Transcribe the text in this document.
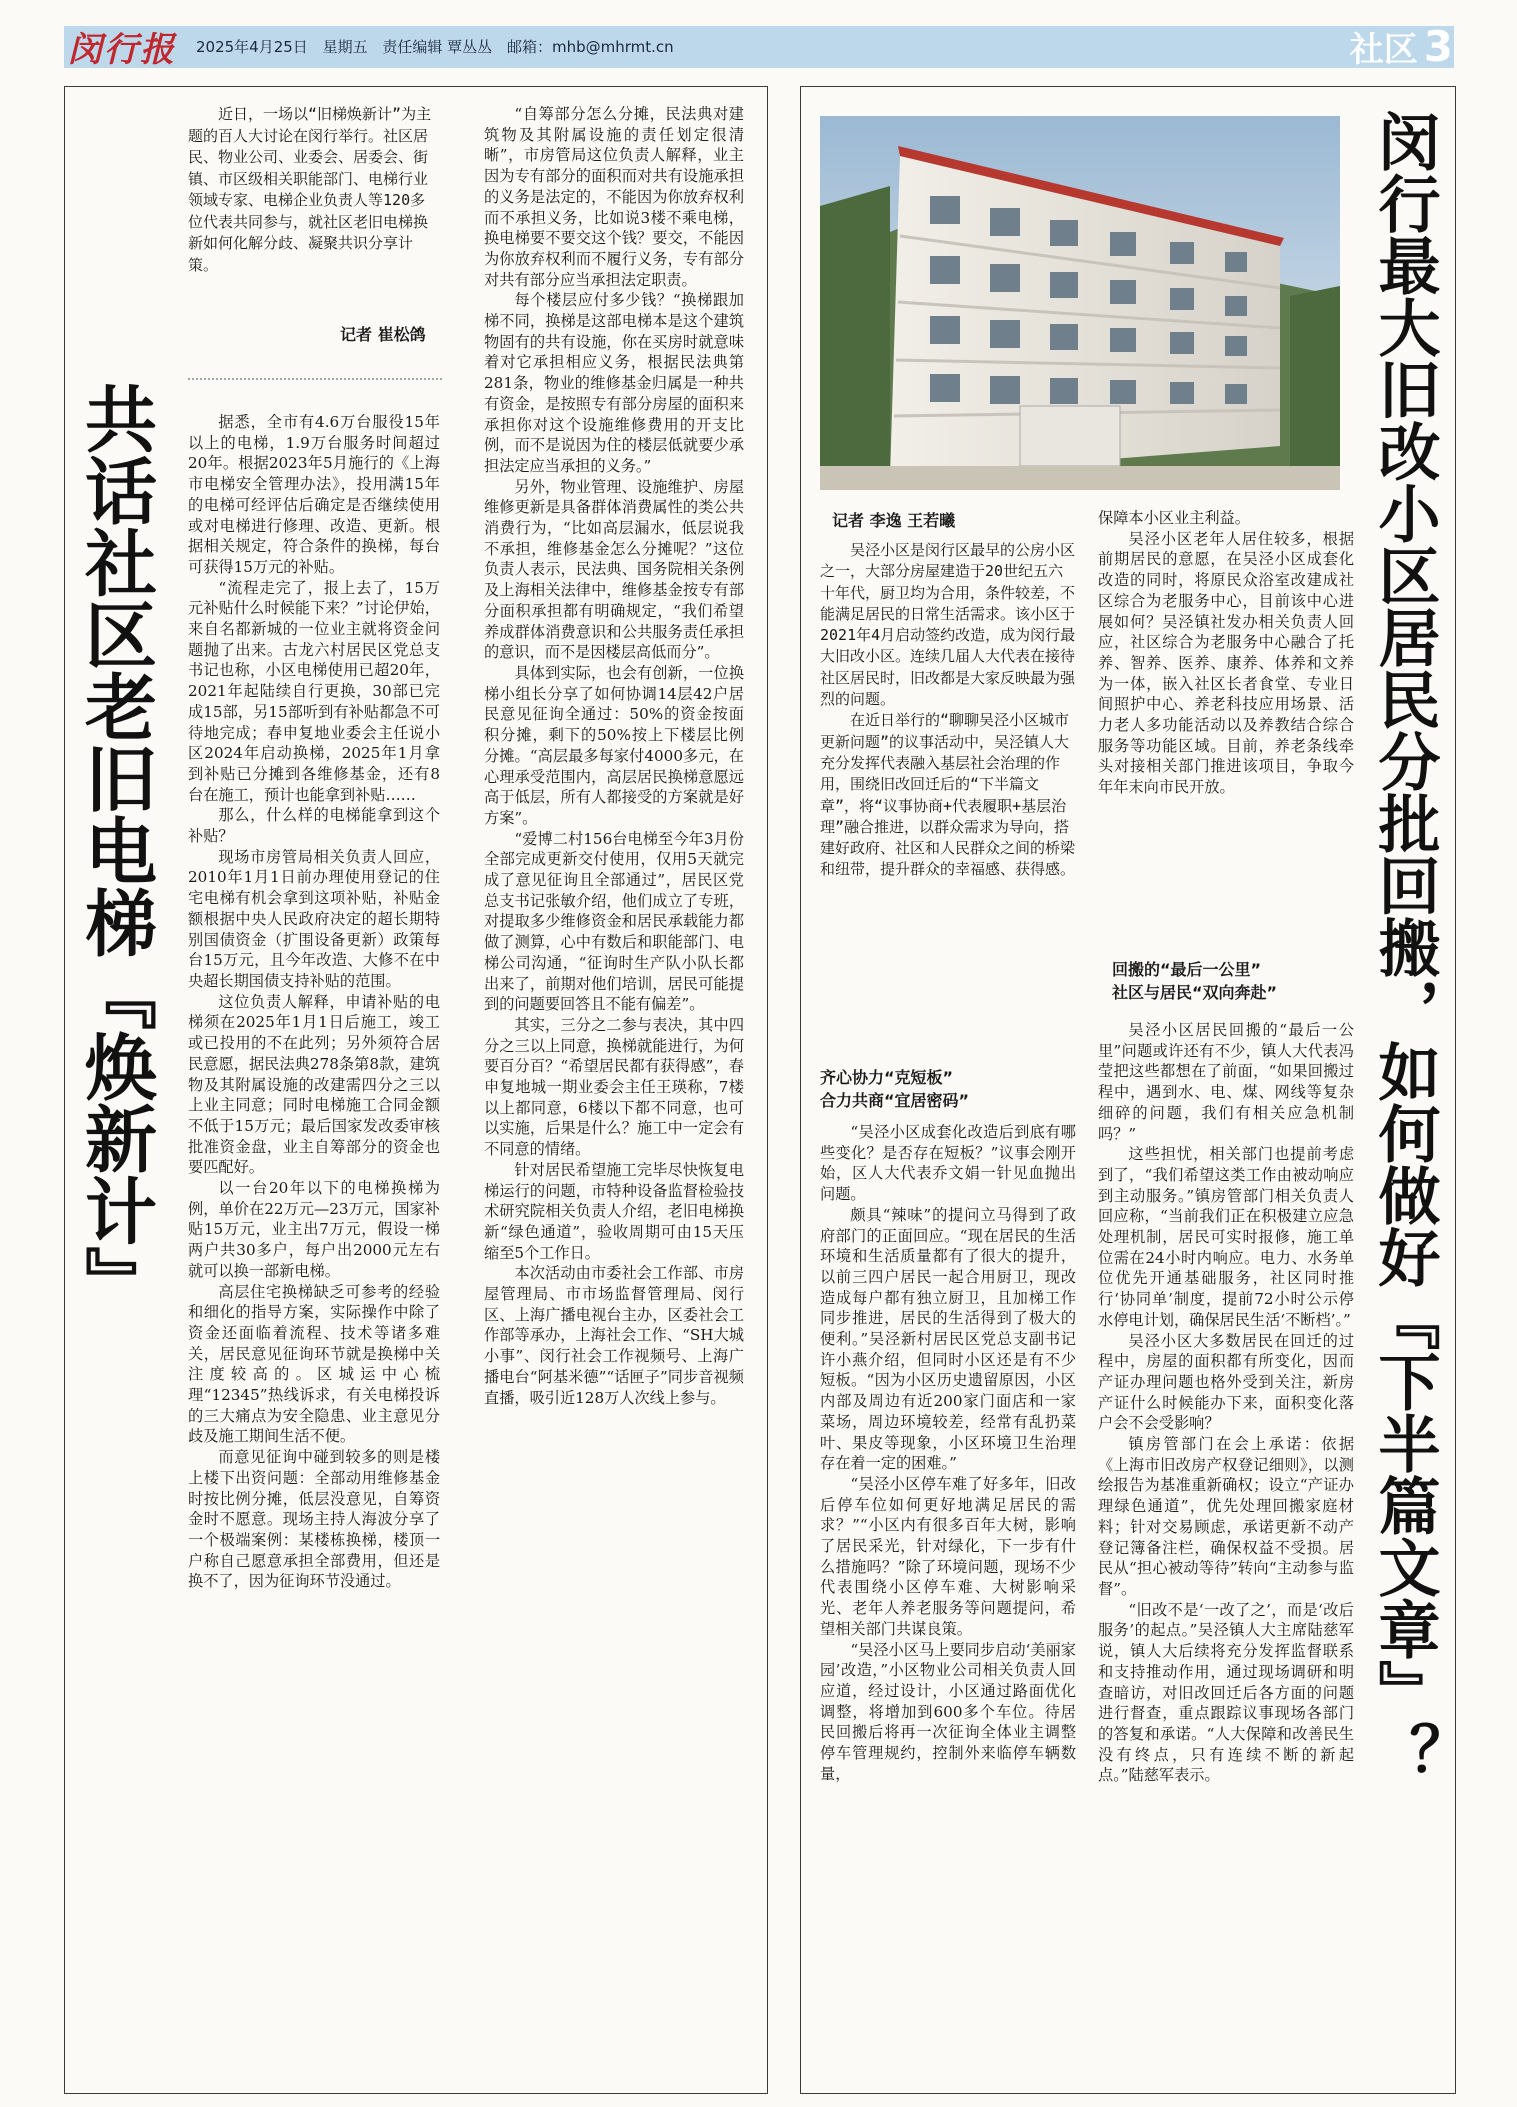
闵行报 2025年4月25日 星期五 责任编辑 覃丛丛 邮箱：mhb@mhrmt.cn	社区 3
共话社区老旧电梯『焕新计』

近日，一场以“旧梯焕新计”为主题的百人大讨论在闵行举行。社区居民、物业公司、业委会、居委会、街镇、市区级相关职能部门、电梯行业领域专家、电梯企业负责人等120多位代表共同参与，就社区老旧电梯换新如何化解分歧、凝聚共识分享计策。

记者 崔松鸽

据悉，全市有4.6万台服役15年以上的电梯，1.9万台服务时间超过20年。根据2023年5月施行的《上海市电梯安全管理办法》，投用满15年的电梯可经评估后确定是否继续使用或对电梯进行修理、改造、更新。根据相关规定，符合条件的换梯，每台可获得15万元的补贴。

“流程走完了，报上去了，15万元补贴什么时候能下来？”讨论伊始，来自名都新城的一位业主就将资金问题抛了出来。古龙六村居民区党总支书记也称，小区电梯使用已超20年，2021年起陆续自行更换，30部已完成15部，另15部听到有补贴都急不可待地完成；春申复地业委会主任说小区2024年启动换梯，2025年1月拿到补贴已分摊到各维修基金，还有8台在施工，预计也能拿到补贴……

那么，什么样的电梯能拿到这个补贴？

现场市房管局相关负责人回应，2010年1月1日前办理使用登记的住宅电梯有机会拿到这项补贴，补贴金额根据中央人民政府决定的超长期特别国债资金（扩围设备更新）政策每台15万元，且今年改造、大修不在中央超长期国债支持补贴的范围。

这位负责人解释，申请补贴的电梯须在2025年1月1日后施工，竣工或已投用的不在此列；另外须符合居民意愿，据民法典278条第8款，建筑物及其附属设施的改建需四分之三以上业主同意；同时电梯施工合同金额不低于15万元；最后国家发改委审核批准资金盘，业主自筹部分的资金也要匹配好。

以一台20年以下的电梯换梯为例，单价在22万元—23万元，国家补贴15万元，业主出7万元，假设一梯两户共30多户，每户出2000元左右就可以换一部新电梯。

高层住宅换梯缺乏可参考的经验和细化的指导方案，实际操作中除了资金还面临着流程、技术等诸多难关，居民意见征询环节就是换梯中关注度较高的。区城运中心梳理“12345”热线诉求，有关电梯投诉的三大痛点为安全隐患、业主意见分歧及施工期间生活不便。

而意见征询中碰到较多的则是楼上楼下出资问题：全部动用维修基金时按比例分摊，低层没意见，自筹资金时不愿意。现场主持人海波分享了一个极端案例：某楼栋换梯，楼顶一户称自己愿意承担全部费用，但还是换不了，因为征询环节没通过。

“自筹部分怎么分摊，民法典对建筑物及其附属设施的责任划定很清晰”，市房管局这位负责人解释，业主因为专有部分的面积而对共有设施承担的义务是法定的，不能因为你放弃权利而不承担义务，比如说3楼不乘电梯，换电梯要不要交这个钱？要交，不能因为你放弃权利而不履行义务，专有部分对共有部分应当承担法定职责。

每个楼层应付多少钱？“换梯跟加梯不同，换梯是这部电梯本是这个建筑物固有的共有设施，你在买房时就意味着对它承担相应义务，根据民法典第281条，物业的维修基金归属是一种共有资金，是按照专有部分房屋的面积来承担你对这个设施维修费用的开支比例，而不是说因为住的楼层低就要少承担法定应当承担的义务。”

另外，物业管理、设施维护、房屋维修更新是具备群体消费属性的类公共消费行为，“比如高层漏水，低层说我不承担，维修基金怎么分摊呢？”这位负责人表示，民法典、国务院相关条例及上海相关法律中，维修基金按专有部分面积承担都有明确规定，“我们希望养成群体消费意识和公共服务责任承担的意识，而不是因楼层高低而分”。

具体到实际，也会有创新，一位换梯小组长分享了如何协调14层42户居民意见征询全通过：50%的资金按面积分摊，剩下的50%按上下楼层比例分摊。“高层最多每家付4000多元，在心理承受范围内，高层居民换梯意愿远高于低层，所有人都接受的方案就是好方案”。

“爱博二村156台电梯至今年3月份全部完成更新交付使用，仅用5天就完成了意见征询且全部通过”，居民区党总支书记张敏介绍，他们成立了专班，对提取多少维修资金和居民承载能力都做了测算，心中有数后和职能部门、电梯公司沟通，“征询时生产队小队长都出来了，前期对他们培训，居民可能提到的问题要回答且不能有偏差”。

其实，三分之二参与表决，其中四分之三以上同意，换梯就能进行，为何要百分百？“希望居民都有获得感”，春申复地城一期业委会主任王瑛称，7楼以上都同意，6楼以下都不同意，也可以实施，后果是什么？施工中一定会有不同意的情绪。

针对居民希望施工完毕尽快恢复电梯运行的问题，市特种设备监督检验技术研究院相关负责人介绍，老旧电梯换新“绿色通道”，验收周期可由15天压缩至5个工作日。

本次活动由市委社会工作部、市房屋管理局、市市场监督管理局、闵行区、上海广播电视台主办，区委社会工作部等承办，上海社会工作、“SH大城小事”、闵行社会工作视频号、上海广播电台“阿基米德”“话匣子”同步音视频直播，吸引近128万人次线上参与。	闵行最大旧改小区居民分批回搬，如何做好『下半篇文章』？
记者 李逸 王若曦

吴泾小区是闵行区最早的公房小区之一，大部分房屋建造于20世纪五六十年代，厨卫均为合用，条件较差，不能满足居民的日常生活需求。该小区于2021年4月启动签约改造，成为闵行最大旧改小区。连续几届人大代表在接待社区居民时，旧改都是大家反映最为强烈的问题。

在近日举行的“聊聊吴泾小区城市更新问题”的议事活动中，吴泾镇人大充分发挥代表融入基层社会治理的作用，围绕旧改回迁后的“下半篇文章”，将“议事协商+代表履职+基层治理”融合推进，以群众需求为导向，搭建好政府、社区和人民群众之间的桥梁和纽带，提升群众的幸福感、获得感。

齐心协力“克短板”
合力共商“宜居密码”

“吴泾小区成套化改造后到底有哪些变化？是否存在短板？”议事会刚开始，区人大代表乔文娟一针见血抛出问题。

颇具“辣味”的提问立马得到了政府部门的正面回应。“现在居民的生活环境和生活质量都有了很大的提升，以前三四户居民一起合用厨卫，现改造成每户都有独立厨卫，且加梯工作同步推进，居民的生活得到了极大的便利。”吴泾新村居民区党总支副书记许小燕介绍，但同时小区还是有不少短板。“因为小区历史遗留原因，小区内部及周边有近200家门面店和一家菜场，周边环境较差，经常有乱扔菜叶、果皮等现象，小区环境卫生治理存在着一定的困难。”

“吴泾小区停车难了好多年，旧改后停车位如何更好地满足居民的需求？”“小区内有很多百年大树，影响了居民采光，针对绿化，下一步有什么措施吗？”除了环境问题，现场不少代表围绕小区停车难、大树影响采光、老年人养老服务等问题提问，希望相关部门共谋良策。

“吴泾小区马上要同步启动‘美丽家园’改造，”小区物业公司相关负责人回应道，经过设计，小区通过路面优化调整，将增加到600多个车位。待居民回搬后将再一次征询全体业主调整停车管理规约，控制外来临停车辆数量，

保障本小区业主利益。

吴泾小区老年人居住较多，根据前期居民的意愿，在吴泾小区成套化改造的同时，将原民众浴室改建成社区综合为老服务中心，目前该中心进展如何？吴泾镇社发办相关负责人回应，社区综合为老服务中心融合了托养、智养、医养、康养、体养和文养为一体，嵌入社区长者食堂、专业日间照护中心、养老科技应用场景、活力老人多功能活动以及养教结合综合服务等功能区域。目前，养老条线牵头对接相关部门推进该项目，争取今年年末向市民开放。

回搬的“最后一公里”
社区与居民“双向奔赴”

吴泾小区居民回搬的“最后一公里”问题或许还有不少，镇人大代表冯莹把这些都想在了前面，“如果回搬过程中，遇到水、电、煤、网线等复杂细碎的问题，我们有相关应急机制吗？”

这些担忧，相关部门也提前考虑到了，“我们希望这类工作由被动响应到主动服务。”镇房管部门相关负责人回应称，“当前我们正在积极建立应急处理机制，居民可实时报修，施工单位需在24小时内响应。电力、水务单位优先开通基础服务，社区同时推行‘协同单’制度，提前72小时公示停水停电计划，确保居民生活‘不断档’。”

吴泾小区大多数居民在回迁的过程中，房屋的面积都有所变化，因而产证办理问题也格外受到关注，新房产证什么时候能办下来，面积变化落户会不会受影响？

镇房管部门在会上承诺：依据《上海市旧改房产权登记细则》，以测绘报告为基准重新确权；设立“产证办理绿色通道”，优先处理回搬家庭材料；针对交易顾虑，承诺更新不动产登记簿备注栏，确保权益不受损。居民从“担心被动等待”转向“主动参与监督”。

“旧改不是‘一改了之’，而是‘改后服务’的起点。”吴泾镇人大主席陆慈军说，镇人大后续将充分发挥监督联系和支持推动作用，通过现场调研和明查暗访，对旧改回迁后各方面的问题进行督查，重点跟踪议事现场各部门的答复和承诺。“人大保障和改善民生没有终点，只有连续不断的新起点。”陆慈军表示。
